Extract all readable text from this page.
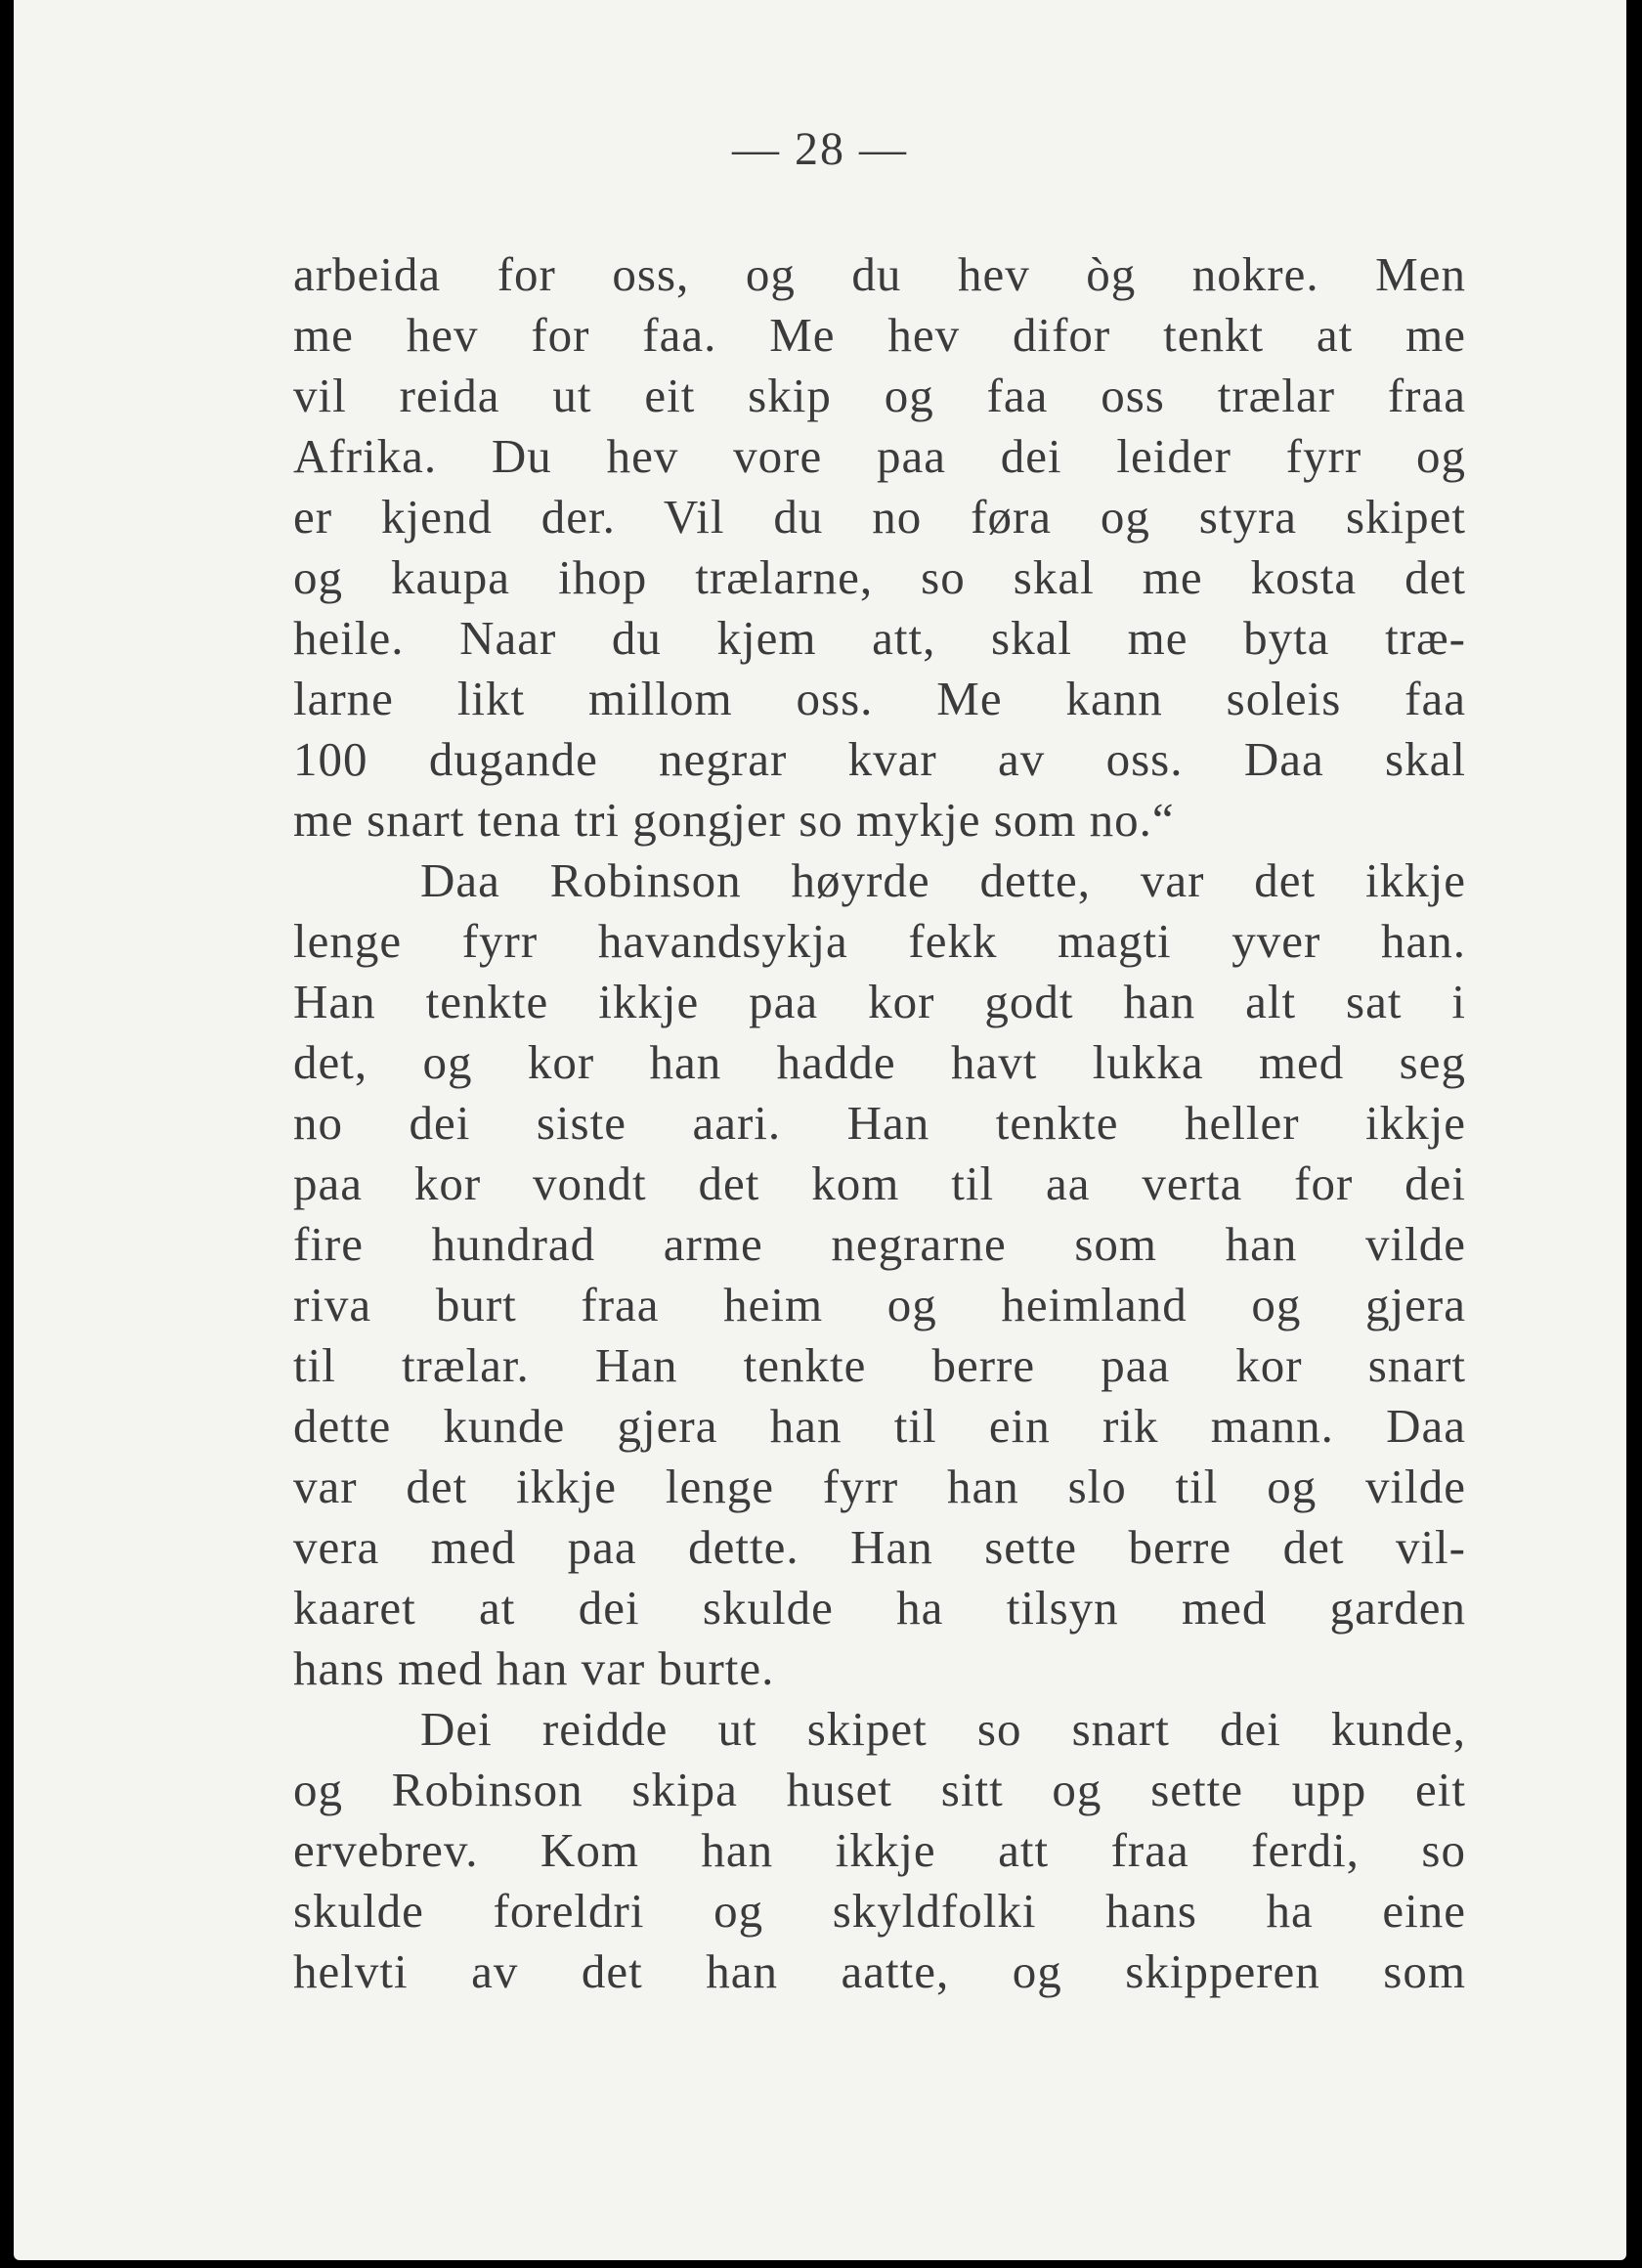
— 28 —
arbeida for oss, og du hev òg nokre. Men
me hev for faa. Me hev difor tenkt at me
vil reida ut eit skip og faa oss trælar fraa
Afrika. Du hev vore paa dei leider fyrr og
er kjend der. Vil du no føra og styra skipet
og kaupa ihop trælarne, so skal me kosta det
heile. Naar du kjem att, skal me byta træ-
larne likt millom oss. Me kann soleis faa
100 dugande negrar kvar av oss. Daa skal
me snart tena tri gongjer so mykje som no.“
Daa Robinson høyrde dette, var det ikkje
lenge fyrr havandsykja fekk magti yver han.
Han tenkte ikkje paa kor godt han alt sat i
det, og kor han hadde havt lukka med seg
no dei siste aari. Han tenkte heller ikkje
paa kor vondt det kom til aa verta for dei
fire hundrad arme negrarne som han vilde
riva burt fraa heim og heimland og gjera
til trælar. Han tenkte berre paa kor snart
dette kunde gjera han til ein rik mann. Daa
var det ikkje lenge fyrr han slo til og vilde
vera med paa dette. Han sette berre det vil-
kaaret at dei skulde ha tilsyn med garden
hans med han var burte.
Dei reidde ut skipet so snart dei kunde,
og Robinson skipa huset sitt og sette upp eit
ervebrev. Kom han ikkje att fraa ferdi, so
skulde foreldri og skyldfolki hans ha eine
helvti av det han aatte, og skipperen som
